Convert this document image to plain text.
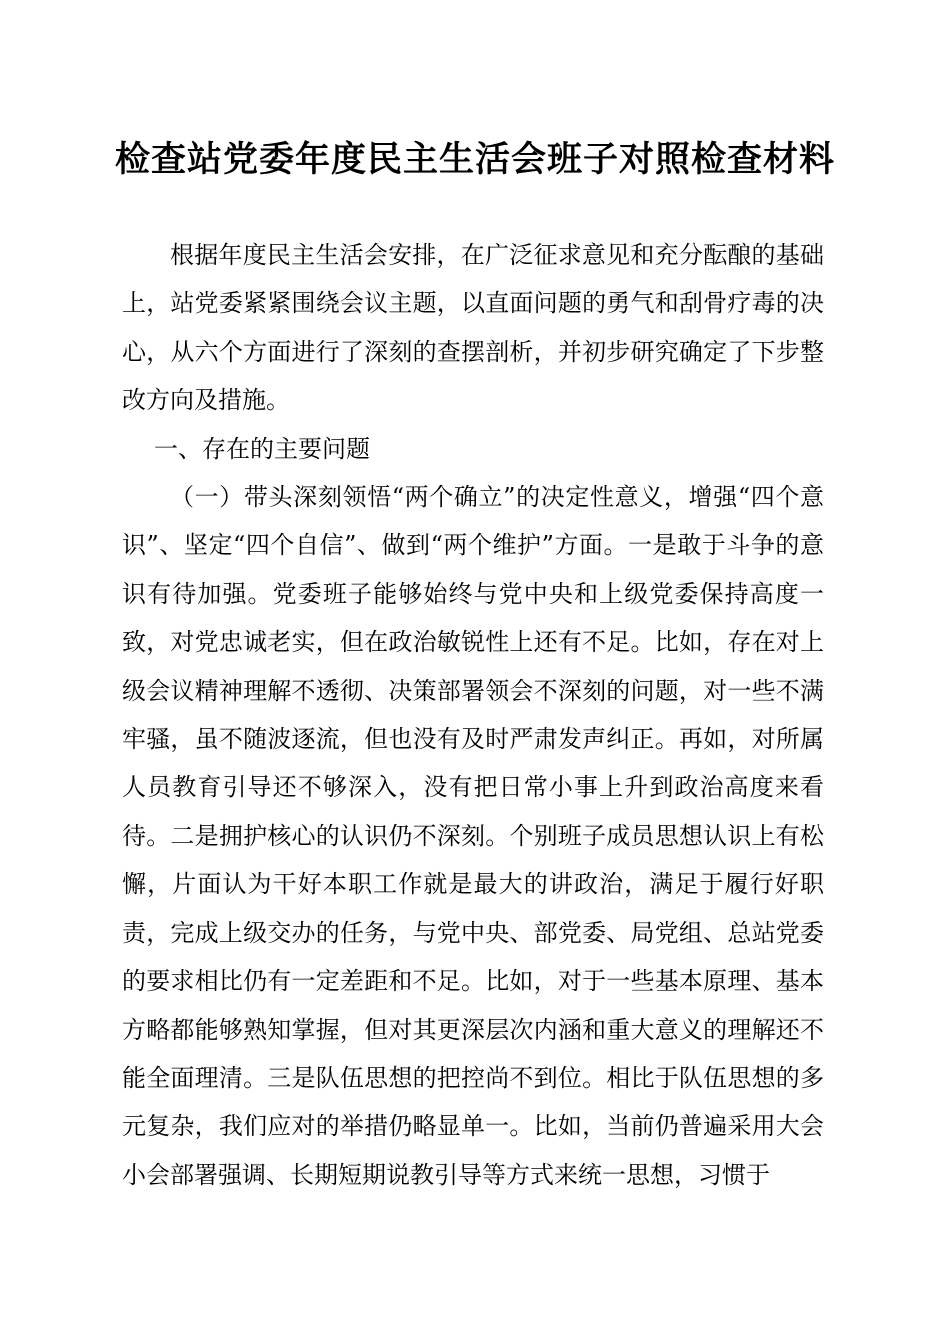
检查站党委年度民主生活会班子对照检查材料

根据年度民主生活会安排，在广泛征求意见和充分酝酿的基础上，站党委紧紧围绕会议主题，以直面问题的勇气和刮骨疗毒的决心，从六个方面进行了深刻的查摆剖析，并初步研究确定了下步整改方向及措施。

一、存在的主要问题

（一）带头深刻领悟“两个确立”的决定性意义，增强“四个意识”、坚定“四个自信”、做到“两个维护”方面。一是敢于斗争的意识有待加强。党委班子能够始终与党中央和上级党委保持高度一致，对党忠诚老实，但在政治敏锐性上还有不足。比如，存在对上级会议精神理解不透彻、决策部署领会不深刻的问题，对一些不满牢骚，虽不随波逐流，但也没有及时严肃发声纠正。再如，对所属人员教育引导还不够深入，没有把日常小事上升到政治高度来看待。二是拥护核心的认识仍不深刻。个别班子成员思想认识上有松懈，片面认为干好本职工作就是最大的讲政治，满足于履行好职责，完成上级交办的任务，与党中央、部党委、局党组、总站党委的要求相比仍有一定差距和不足。比如，对于一些基本原理、基本方略都能够熟知掌握，但对其更深层次内涵和重大意义的理解还不能全面理清。三是队伍思想的把控尚不到位。相比于队伍思想的多元复杂，我们应对的举措仍略显单一。比如，当前仍普遍采用大会小会部署强调、长期短期说教引导等方式来统一思想，习惯于
